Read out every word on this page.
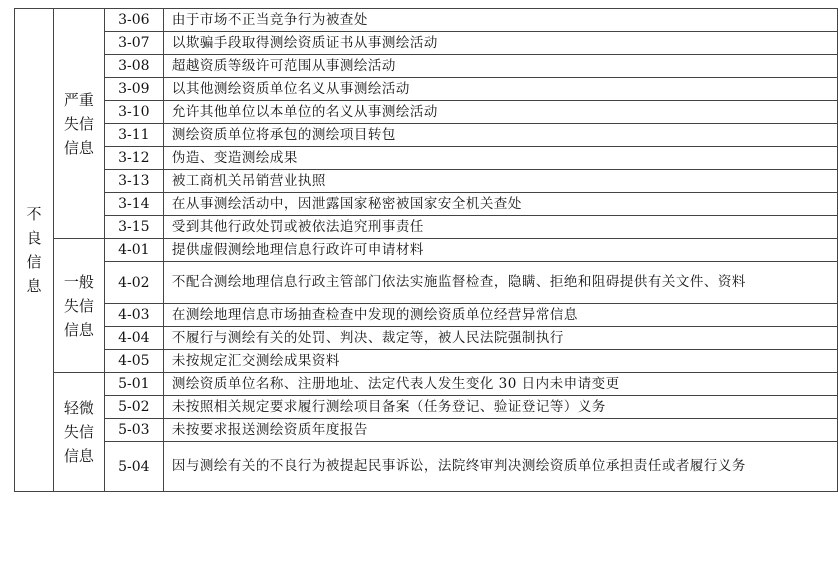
不
良
信
息	严重
失信
信息	3-06	由于市场不正当竞争行为被查处
		3-07	以欺骗手段取得测绘资质证书从事测绘活动
		3-08	超越资质等级许可范围从事测绘活动
		3-09	以其他测绘资质单位名义从事测绘活动
		3-10	允许其他单位以本单位的名义从事测绘活动
		3-11	测绘资质单位将承包的测绘项目转包
		3-12	伪造、变造测绘成果
		3-13	被工商机关吊销营业执照
		3-14	在从事测绘活动中，因泄露国家秘密被国家安全机关查处
		3-15	受到其他行政处罚或被依法追究刑事责任

	一般
失信
信息	4-01	提供虚假测绘地理信息行政许可申请材料
		4-02	不配合测绘地理信息行政主管部门依法实施监督检查，隐瞒、拒绝和阻碍提供有关文件、资料
		4-03	在测绘地理信息市场抽查检查中发现的测绘资质单位经营异常信息
		4-04	不履行与测绘有关的处罚、判决、裁定等，被人民法院强制执行
		4-05	未按规定汇交测绘成果资料

	轻微
失信
信息	5-01	测绘资质单位名称、注册地址、法定代表人发生变化 30 日内未申请变更
		5-02	未按照相关规定要求履行测绘项目备案（任务登记、验证登记等）义务
		5-03	未按要求报送测绘资质年度报告
		5-04	因与测绘有关的不良行为被提起民事诉讼，法院终审判决测绘资质单位承担责任或者履行义务
